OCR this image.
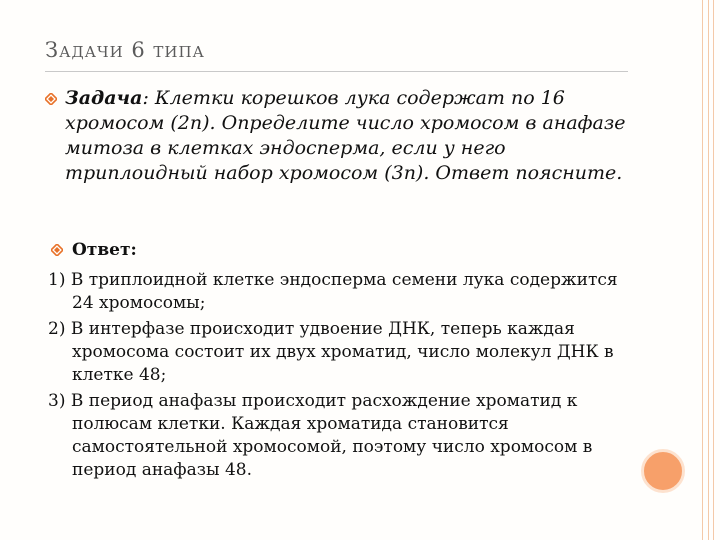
Задачи 6 типа
Задача: Клетки корешков лука содержат по 16 хромосом (2n). Определите число хромосом в анафазе митоза в клетках эндосперма, если у него триплоидный набор хромосом (3n). Ответ поясните.
Ответ:
1) В триплоидной клетке эндосперма семени лука содержится 24 хромосомы;
2) В интерфазе происходит удвоение ДНК, теперь каждая хромосома состоит их двух хроматид, число молекул ДНК в клетке 48;
3) В период анафазы происходит расхождение хроматид к полюсам клетки. Каждая хроматида становится самостоятельной хромосомой, поэтому число хромосом в период анафазы 48.
